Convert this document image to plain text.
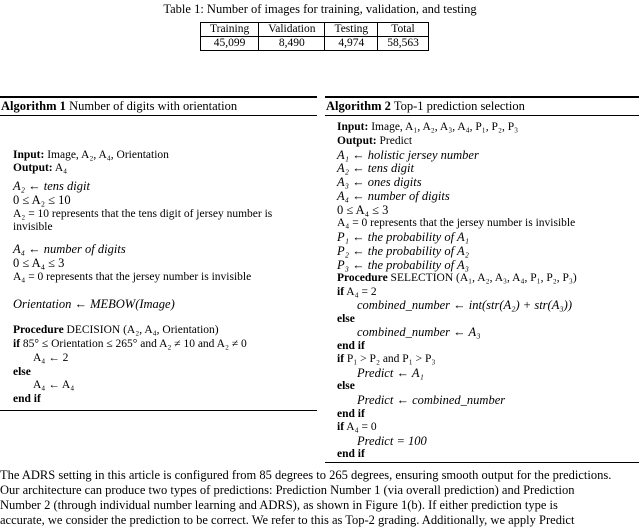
Table 1: Number of images for training, validation, and testing
Training	Validation	Testing	Total
45,099	8,490	4,974	58,563
Algorithm 1 Number of digits with orientation
Input: Image, A₂, A₄, Orientation
Output: A₄
A₂ ← tens digit
0 ≤ A₂ ≤ 10
A₂ = 10 represents that the tens digit of jersey number is
invisible
A₄ ← number of digits
0 ≤ A₄ ≤ 3
A₄ = 0 represents that the jersey number is invisible
Orientation ← MEBOW(Image)
Procedure DECISION (A₂, A₄, Orientation)
if 85° ≤ Orientation ≤ 265° and A₂ ≠ 10 and A₂ ≠ 0
A₄ ← 2
else
A₄ ← A₄
end if
Algorithm 2 Top-1 prediction selection
Input: Image, A₁, A₂, A₃, A₄, P₁, P₂, P₃
Output: Predict
A₁ ← holistic jersey number
A₂ ← tens digit
A₃ ← ones digits
A₄ ← number of digits
0 ≤ A₄ ≤ 3
A₄ = 0 represents that the jersey number is invisible
P₁ ← the probability of A₁
P₂ ← the probability of A₂
P₃ ← the probability of A₃
Procedure SELECTION (A₁, A₂, A₃, A₄, P₁, P₂, P₃)
if A₄ = 2
combined_number ← int(str(A₂) + str(A₃))
else
combined_number ← A₃
end if
if P₁ > P₂ and P₁ > P₃
Predict ← A₁
else
Predict ← combined_number
end if
if A₄ = 0
Predict = 100
end if

The ADRS setting in this article is configured from 85 degrees to 265 degrees, ensuring smooth output for the predictions.

Our architecture can produce two types of predictions: Prediction Number 1 (via overall prediction) and Prediction

Number 2 (through individual number learning and ADRS), as shown in Figure 1(b). If either prediction type is

accurate, we consider the prediction to be correct. We refer to this as Top-2 grading. Additionally, we apply Predict
